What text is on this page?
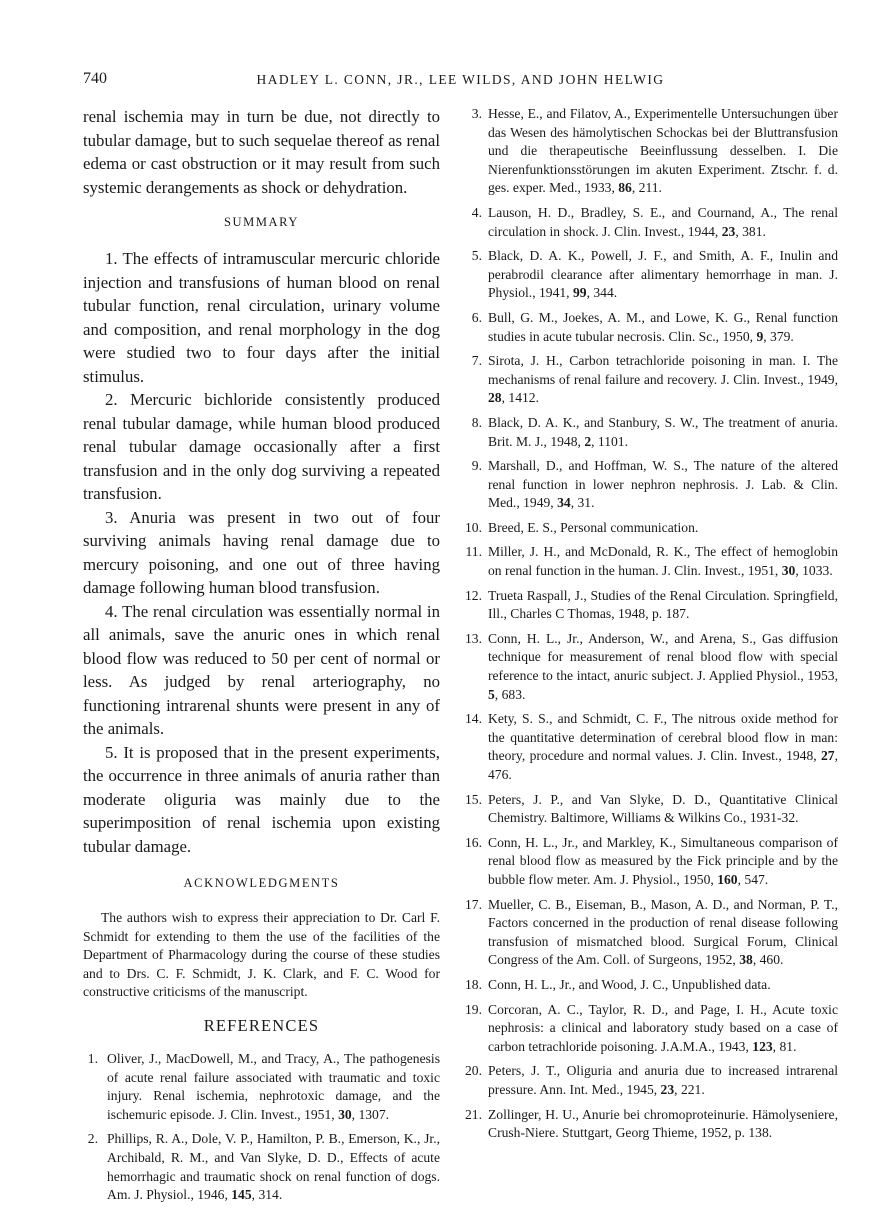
740	HADLEY L. CONN, JR., LEE WILDS, AND JOHN HELWIG

renal ischemia may in turn be due, not directly to tubular damage, but to such sequelae thereof as renal edema or cast obstruction or it may result from such systemic derangements as shock or dehydration.

SUMMARY

1. The effects of intramuscular mercuric chloride injection and transfusions of human blood on renal tubular function, renal circulation, urinary volume and composition, and renal morphology in the dog were studied two to four days after the initial stimulus.

2. Mercuric bichloride consistently produced renal tubular damage, while human blood produced renal tubular damage occasionally after a first transfusion and in the only dog surviving a repeated transfusion.

3. Anuria was present in two out of four surviving animals having renal damage due to mercury poisoning, and one out of three having damage following human blood transfusion.

4. The renal circulation was essentially normal in all animals, save the anuric ones in which renal blood flow was reduced to 50 per cent of normal or less. As judged by renal arteriography, no functioning intrarenal shunts were present in any of the animals.

5. It is proposed that in the present experiments, the occurrence in three animals of anuria rather than moderate oliguria was mainly due to the superimposition of renal ischemia upon existing tubular damage.

ACKNOWLEDGMENTS

The authors wish to express their appreciation to Dr. Carl F. Schmidt for extending to them the use of the facilities of the Department of Pharmacology during the course of these studies and to Drs. C. F. Schmidt, J. K. Clark, and F. C. Wood for constructive criticisms of the manuscript.

REFERENCES

1. Oliver, J., MacDowell, M., and Tracy, A., The pathogenesis of acute renal failure associated with traumatic and toxic injury. Renal ischemia, nephrotoxic damage, and the ischemuric episode. J. Clin. Invest., 1951, 30, 1307.
2. Phillips, R. A., Dole, V. P., Hamilton, P. B., Emerson, K., Jr., Archibald, R. M., and Van Slyke, D. D., Effects of acute hemorrhagic and traumatic shock on renal function of dogs. Am. J. Physiol., 1946, 145, 314.
3. Hesse, E., and Filatov, A., Experimentelle Untersuchungen über das Wesen des hämolytischen Schockas bei der Bluttransfusion und die therapeutische Beeinflussung desselben. I. Die Nierenfunktionsstörungen im akuten Experiment. Ztschr. f. d. ges. exper. Med., 1933, 86, 211.
4. Lauson, H. D., Bradley, S. E., and Cournand, A., The renal circulation in shock. J. Clin. Invest., 1944, 23, 381.
5. Black, D. A. K., Powell, J. F., and Smith, A. F., Inulin and perabrodil clearance after alimentary hemorrhage in man. J. Physiol., 1941, 99, 344.
6. Bull, G. M., Joekes, A. M., and Lowe, K. G., Renal function studies in acute tubular necrosis. Clin. Sc., 1950, 9, 379.
7. Sirota, J. H., Carbon tetrachloride poisoning in man. I. The mechanisms of renal failure and recovery. J. Clin. Invest., 1949, 28, 1412.
8. Black, D. A. K., and Stanbury, S. W., The treatment of anuria. Brit. M. J., 1948, 2, 1101.
9. Marshall, D., and Hoffman, W. S., The nature of the altered renal function in lower nephron nephrosis. J. Lab. & Clin. Med., 1949, 34, 31.
10. Breed, E. S., Personal communication.
11. Miller, J. H., and McDonald, R. K., The effect of hemoglobin on renal function in the human. J. Clin. Invest., 1951, 30, 1033.
12. Trueta Raspall, J., Studies of the Renal Circulation. Springfield, Ill., Charles C Thomas, 1948, p. 187.
13. Conn, H. L., Jr., Anderson, W., and Arena, S., Gas diffusion technique for measurement of renal blood flow with special reference to the intact, anuric subject. J. Applied Physiol., 1953, 5, 683.
14. Kety, S. S., and Schmidt, C. F., The nitrous oxide method for the quantitative determination of cerebral blood flow in man: theory, procedure and normal values. J. Clin. Invest., 1948, 27, 476.
15. Peters, J. P., and Van Slyke, D. D., Quantitative Clinical Chemistry. Baltimore, Williams & Wilkins Co., 1931-32.
16. Conn, H. L., Jr., and Markley, K., Simultaneous comparison of renal blood flow as measured by the Fick principle and by the bubble flow meter. Am. J. Physiol., 1950, 160, 547.
17. Mueller, C. B., Eiseman, B., Mason, A. D., and Norman, P. T., Factors concerned in the production of renal disease following transfusion of mismatched blood. Surgical Forum, Clinical Congress of the Am. Coll. of Surgeons, 1952, 38, 460.
18. Conn, H. L., Jr., and Wood, J. C., Unpublished data.
19. Corcoran, A. C., Taylor, R. D., and Page, I. H., Acute toxic nephrosis: a clinical and laboratory study based on a case of carbon tetrachloride poisoning. J.A.M.A., 1943, 123, 81.
20. Peters, J. T., Oliguria and anuria due to increased intrarenal pressure. Ann. Int. Med., 1945, 23, 221.
21. Zollinger, H. U., Anurie bei chromoproteinurie. Hämolyseniere, Crush-Niere. Stuttgart, Georg Thieme, 1952, p. 138.
